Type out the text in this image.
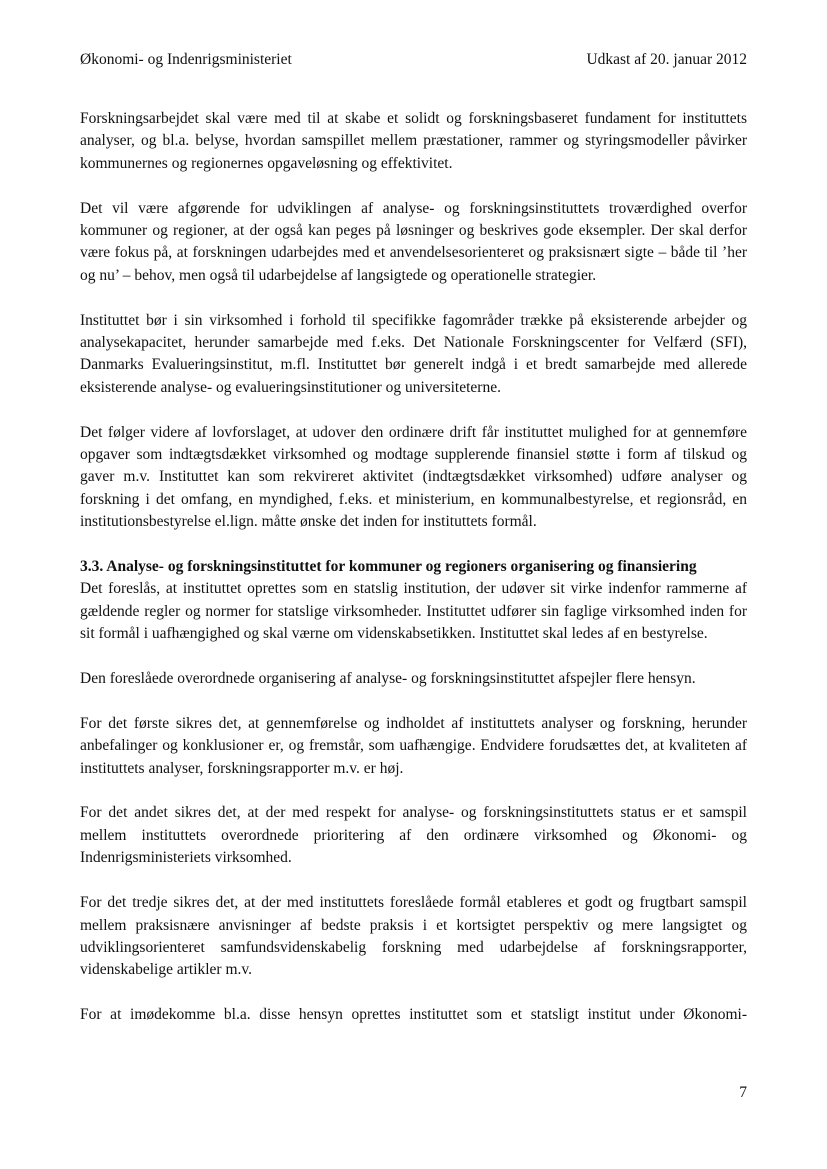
Økonomi- og Indenrigsministeriet	Udkast af 20. januar 2012

Forskningsarbejdet skal være med til at skabe et solidt og forskningsbaseret fundament for instituttets analyser, og bl.a. belyse, hvordan samspillet mellem præstationer, rammer og styringsmodeller påvirker kommunernes og regionernes opgaveløsning og effektivitet.

Det vil være afgørende for udviklingen af analyse- og forskningsinstituttets troværdighed overfor kommuner og regioner, at der også kan peges på løsninger og beskrives gode eksempler. Der skal derfor være fokus på, at forskningen udarbejdes med et anvendelsesorienteret og praksisnært sigte – både til ’her og nu’ – behov, men også til udarbejdelse af langsigtede og operationelle strategier.

Instituttet bør i sin virksomhed i forhold til specifikke fagområder trække på eksisterende arbejder og analysekapacitet, herunder samarbejde med f.eks. Det Nationale Forskningscenter for Velfærd (SFI), Danmarks Evalueringsinstitut, m.fl. Instituttet bør generelt indgå i et bredt samarbejde med allerede eksisterende analyse- og evalueringsinstitutioner og universiteterne.

Det følger videre af lovforslaget, at udover den ordinære drift får instituttet mulighed for at gennemføre opgaver som indtægtsdækket virksomhed og modtage supplerende finansiel støtte i form af tilskud og gaver m.v. Instituttet kan som rekvireret aktivitet (indtægtsdækket virksomhed) udføre analyser og forskning i det omfang, en myndighed, f.eks. et ministerium, en kommunalbestyrelse, et regionsråd, en institutionsbestyrelse el.lign. måtte ønske det inden for instituttets formål.

3.3. Analyse- og forskningsinstituttet for kommuner og regioners organisering og finansiering

Det foreslås, at instituttet oprettes som en statslig institution, der udøver sit virke indenfor rammerne af gældende regler og normer for statslige virksomheder. Instituttet udfører sin faglige virksomhed inden for sit formål i uafhængighed og skal værne om videnskabsetikken. Instituttet skal ledes af en bestyrelse.

Den foreslåede overordnede organisering af analyse- og forskningsinstituttet afspejler flere hensyn.

For det første sikres det, at gennemførelse og indholdet af instituttets analyser og forskning, herunder anbefalinger og konklusioner er, og fremstår, som uafhængige. Endvidere forudsættes det, at kvaliteten af instituttets analyser, forskningsrapporter m.v. er høj.

For det andet sikres det, at der med respekt for analyse- og forskningsinstituttets status er et samspil mellem instituttets overordnede prioritering af den ordinære virksomhed og Økonomi- og Indenrigsministeriets virksomhed.

For det tredje sikres det, at der med instituttets foreslåede formål etableres et godt og frugtbart samspil mellem praksisnære anvisninger af bedste praksis i et kortsigtet perspektiv og mere langsigtet og udviklingsorienteret samfundsvidenskabelig forskning med udarbejdelse af forskningsrapporter, videnskabelige artikler m.v.

For at imødekomme bl.a. disse hensyn oprettes instituttet som et statsligt institut under Økonomi-

7
